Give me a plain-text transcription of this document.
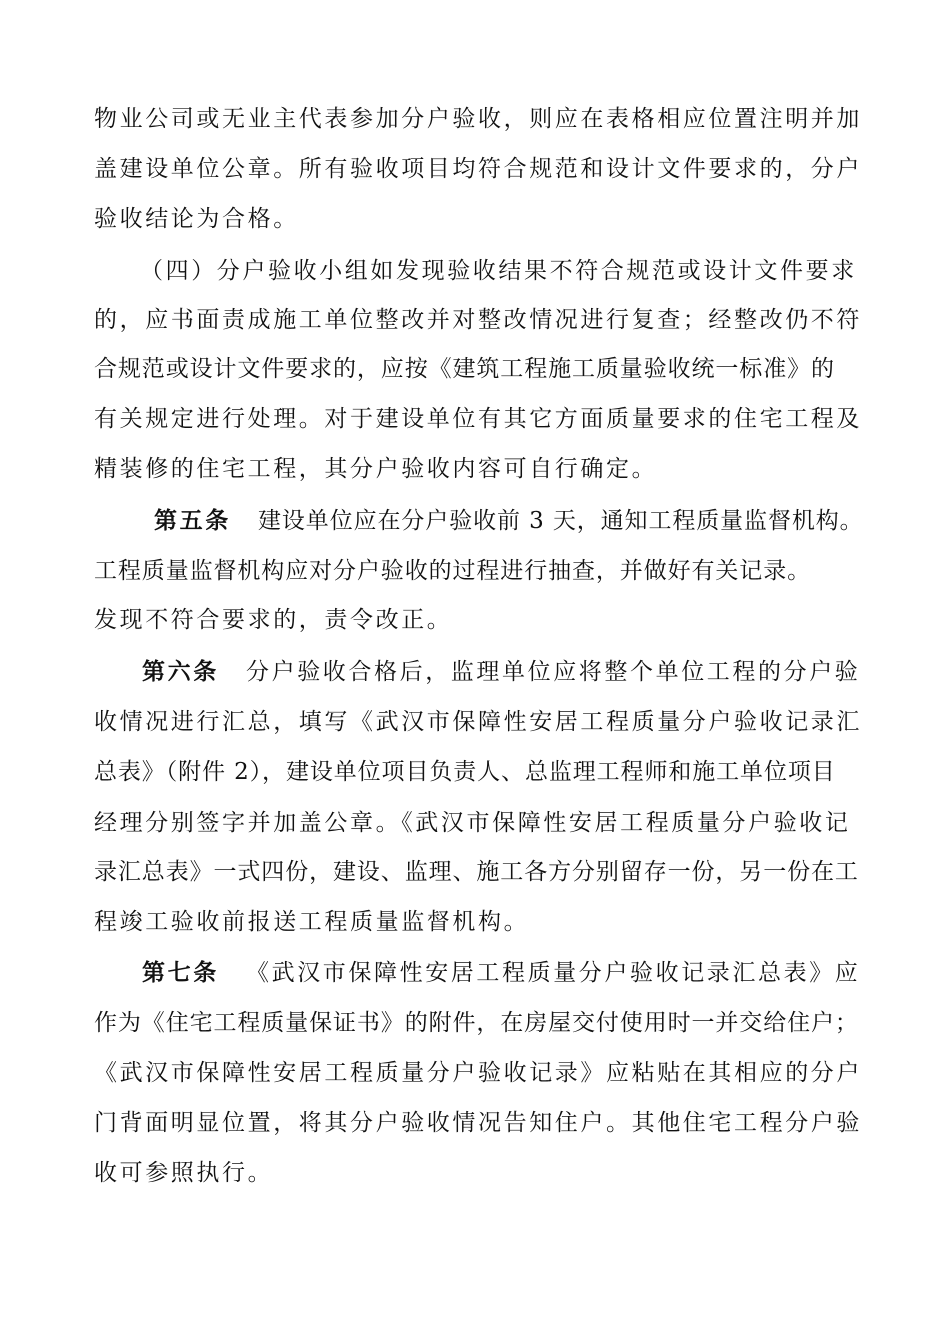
物业公司或无业主代表参加分户验收，则应在表格相应位置注明并加
盖建设单位公章。所有验收项目均符合规范和设计文件要求的，分户
验收结论为合格。
（四）分户验收小组如发现验收结果不符合规范或设计文件要求
的，应书面责成施工单位整改并对整改情况进行复查；经整改仍不符
合规范或设计文件要求的，应按《建筑工程施工质量验收统一标准》的
有关规定进行处理。对于建设单位有其它方面质量要求的住宅工程及
精装修的住宅工程，其分户验收内容可自行确定。
第五条 建设单位应在分户验收前 3 天，通知工程质量监督机构。
工程质量监督机构应对分户验收的过程进行抽查，并做好有关记录。
发现不符合要求的，责令改正。
第六条 分户验收合格后，监理单位应将整个单位工程的分户验
收情况进行汇总，填写《武汉市保障性安居工程质量分户验收记录汇
总表》（附件 2），建设单位项目负责人、总监理工程师和施工单位项目
经理分别签字并加盖公章。《武汉市保障性安居工程质量分户验收记
录汇总表》一式四份，建设、监理、施工各方分别留存一份，另一份在工
程竣工验收前报送工程质量监督机构。
第七条 《武汉市保障性安居工程质量分户验收记录汇总表》应
作为《住宅工程质量保证书》的附件，在房屋交付使用时一并交给住户；
《武汉市保障性安居工程质量分户验收记录》应粘贴在其相应的分户
门背面明显位置，将其分户验收情况告知住户。其他住宅工程分户验
收可参照执行。
